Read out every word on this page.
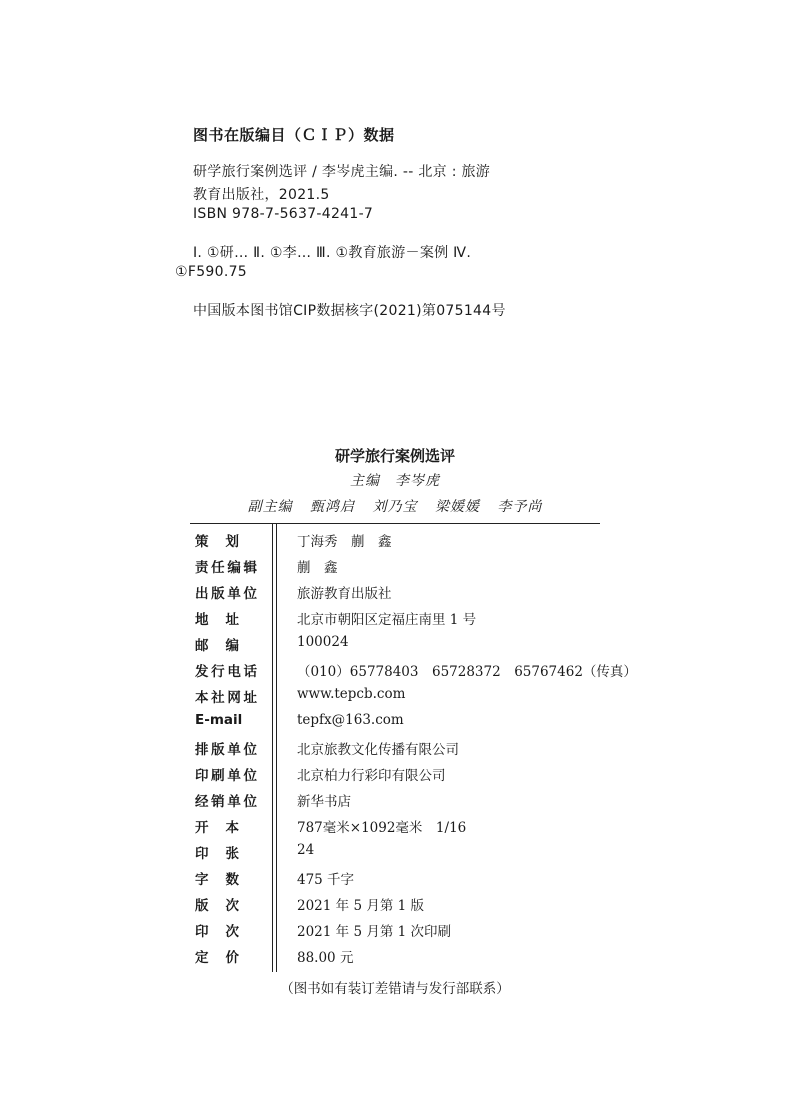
图书在版编目（ＣＩＰ）数据
研学旅行案例选评 / 李岑虎主编. -- 北京 : 旅游
教育出版社，2021.5
ISBN 978-7-5637-4241-7
Ⅰ. ①研… Ⅱ. ①李… Ⅲ. ①教育旅游－案例 Ⅳ.
①F590.75
中国版本图书馆CIP数据核字(2021)第075144号
研学旅行案例选评
主编　李岑虎
副主编 甄鸿启 刘乃宝 梁媛媛 李予尚
策划	丁海秀　蒯　鑫
责任编辑	蒯　鑫
出版单位	旅游教育出版社
地址	北京市朝阳区定福庄南里 1 号
邮编	100024
发行电话	（010）65778403　65728372　65767462（传真）
本社网址	www.tepcb.com
E-mail	tepfx@163.com
排版单位	北京旅教文化传播有限公司
印刷单位	北京柏力行彩印有限公司
经销单位	新华书店
开本	787毫米×1092毫米　1/16
印张	24
字数	475 千字
版次	2021 年 5 月第 1 版
印次	2021 年 5 月第 1 次印刷
定价	88.00 元
（图书如有装订差错请与发行部联系）
